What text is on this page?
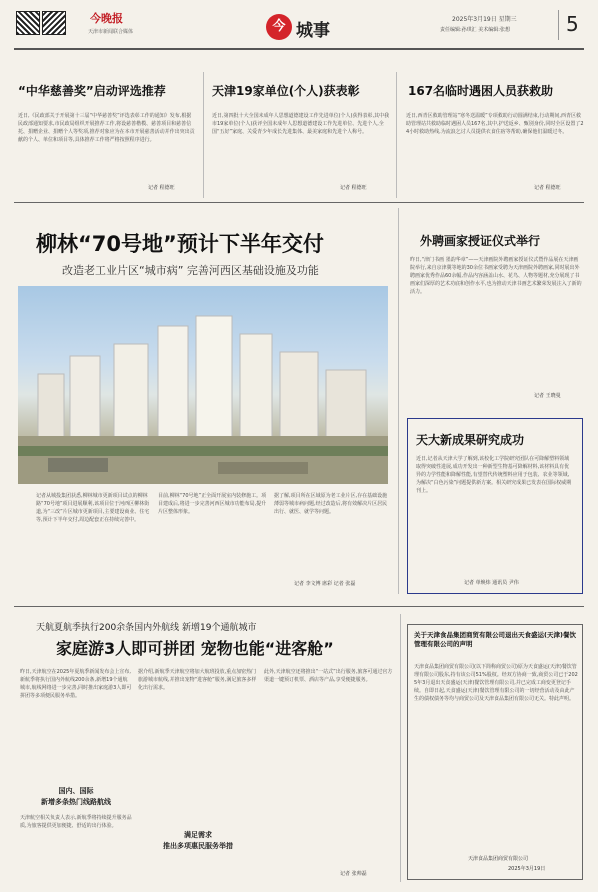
今晚报
天津市新闻联合媒体	今 城事
2025年3月19日 星期三
责任编辑:孙琪汇 美术编辑:张想	5
“中华慈善奖”启动评选推荐
近日,《民政部关于开展第十三届“中华慈善奖”评选表彰工作的通知》发布,根据民政部通知要求,市民政局组织开展推荐工作,将设慈善楷模、慈善项目和慈善信托、捐赠企业、捐赠个人等奖项,推荐对象应为在本市开展慈善活动并作出突出贡献的个人、单位和项目等,具体推荐工作将严格按照程序进行。
记者 程德旺
天津19家单位(个人)获表彰
近日,第四批十大全国未成年人思想道德建设工作先进单位(个人)获得表彰,其中我市19家单位(个人)获评全国未成年人思想道德建设工作先进单位、先进个人,全国“五好”家庭、关爱青少年成长先进集体、最美家庭和先进个人称号。
记者 程德旺
167名临时遇困人员获救助
近日,西青区救助管理站“寒冬送温暖”专项救助行动圆满结束,行动期间,西青区救助管理站共救助临时遇困人员167名,其中,护送返乡、甄别身份,同时全区设置了24小时救助热线,为流浪乞讨人员提供衣食住宿等帮助,确保他们温暖过冬。
记者 程德旺
柳林“70号地”预计下半年交付
改造老工业片区“城市病” 完善河西区基础设施及功能
记者从城投集团获悉,柳林城市更新项目试点的柳林路“70号地”项目进展顺利,该项目位于河西区柳林街道,为“三改”片区城市更新项目,主要建设商业、住宅等,预计下半年交付,周边配套正在持续完善中。
目前,柳林“70号地”正全面开展室内装修施工。项目建成后,将进一步完善河西区城市功能布局,提升片区整体形象。
据了解,项目所在区域原为老工业片区,存在基础设施薄弱等城市病问题,经过改造后,将有效解决片区居民出行、就医、就学等问题。
记者 李文博 席彩 记者 张磊
外聘画家授证仪式举行
昨日,“津门书画 墨韵华章”——天津画院外聘画家授证仪式暨作品展在天津画院举行,来自京津冀等地的30余位书画家受聘为天津画院外聘画家,同时展出外聘画家优秀作品60余幅,作品内容涵盖山水、花鸟、人物等题材,充分展现了书画家们深厚的艺术功底和创作水平,也为推动天津书画艺术繁荣发展注入了新的活力。
记者 王晓曼
天大新成果研究成功
近日,记者从天津大学了解到,该校化工学院研究团队在可降解塑料领域取得突破性进展,成功开发出一种新型生物基可降解材料,该材料具有优异的力学性能和降解性能,有望替代传统塑料应用于包装、农业等领域,为解决“白色污染”问题提供新方案。相关研究成果已发表在国际权威期刊上。
记者 单焕炜 通讯员 尹伟
天航夏航季执行200余条国内外航线 新增19个通航城市
家庭游3人即可拼团 宠物也能“进客舱”
昨日,天津航空在2025年夏航季新闻发布会上宣布,新航季将执行国内外航线200余条,新增19个通航城市,航线网络进一步完善,同时推出家庭游3人即可拼团等多项便民服务举措。
国内、国际
新增多条热门线路航线
天津航空相关负责人表示,新航季将持续提升服务品质,为旅客提供更加便捷、舒适的出行体验。
据介绍,新航季天津航空将加大航班投放,重点加密热门旅游城市航线,并推出宠物“进客舱”服务,满足旅客多样化出行需求。
满足需求
推出多项惠民服务举措
此外,天津航空还将推出“一站式”出行服务,旅客可通过官方渠道一键预订机票、酒店等产品,享受便捷服务。
记者 张帅磊
关于天津食品集团商贸有限公司退出天食盛运(天津)餐饮管理有限公司的声明
天津食品集团商贸有限公司(以下简称商贸公司)原为天食盛运(天津)餐饮管理有限公司股东,持有该公司51%股权。经双方协商一致,商贸公司已于2025年3月退出天食盛运(天津)餐饮管理有限公司,并已完成工商变更登记手续。自即日起,天食盛运(天津)餐饮管理有限公司的一切经营活动及由此产生的债权债务等均与商贸公司及天津食品集团有限公司无关。特此声明。
天津食品集团商贸有限公司
2025年3月19日
